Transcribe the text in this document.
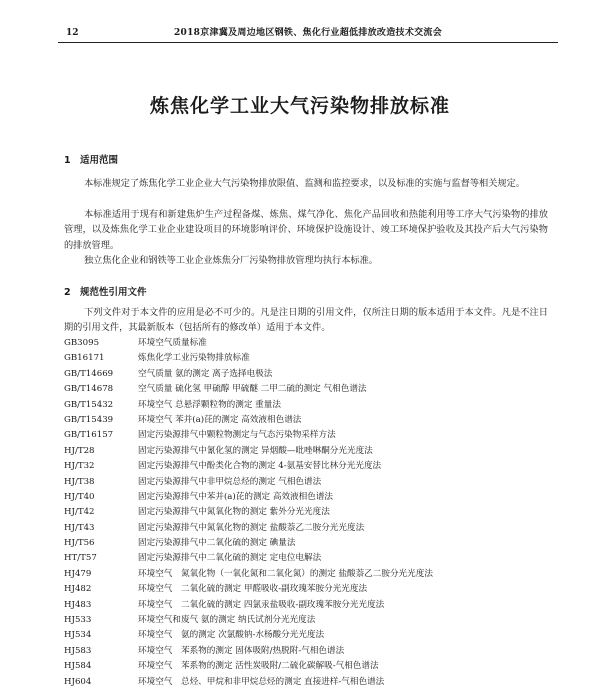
12	2018京津冀及周边地区钢铁、焦化行业超低排放改造技术交流会
炼焦化学工业大气污染物排放标准
1 适用范围

本标准规定了炼焦化学工业企业大气污染物排放限值、监测和监控要求，以及标准的实施与监督等相关规定。

本标准适用于现有和新建焦炉生产过程备煤、炼焦、煤气净化、焦化产品回收和热能利用等工序大气污染物的排放管理，以及炼焦化学工业企业建设项目的环境影响评价、环境保护设施设计、竣工环境保护验收及其投产后大气污染物的排放管理。

独立焦化企业和钢铁等工业企业炼焦分厂污染物排放管理均执行本标准。

2 规范性引用文件

下列文件对于本文件的应用是必不可少的。凡是注日期的引用文件，仅所注日期的版本适用于本文件。凡是不注日期的引用文件，其最新版本（包括所有的修改单）适用于本文件。

GB3095	环境空气质量标准
GB16171	炼焦化学工业污染物排放标准
GB/T14669	空气质量 氨的测定 离子选择电极法
GB/T14678	空气质量 硫化氢 甲硫醇 甲硫醚 二甲二硫的测定 气相色谱法
GB/T15432	环境空气 总悬浮颗粒物的测定 重量法
GB/T15439	环境空气 苯并(a)芘的测定 高效液相色谱法
GB/T16157	固定污染源排气中颗粒物测定与气态污染物采样方法
HJ/T28	固定污染源排气中氰化氢的测定 异烟酸—吡唑啉酮分光光度法
HJ/T32	固定污染源排气中酚类化合物的测定 4-氨基安替比林分光光度法
HJ/T38	固定污染源排气中非甲烷总烃的测定 气相色谱法
HJ/T40	固定污染源排气中苯并(a)芘的测定 高效液相色谱法
HJ/T42	固定污染源排气中氮氧化物的测定 紫外分光光度法
HJ/T43	固定污染源排气中氮氧化物的测定 盐酸萘乙二胺分光光度法
HJ/T56	固定污染源排气中二氧化硫的测定 碘量法
HT/T57	固定污染源排气中二氧化硫的测定 定电位电解法
HJ479	环境空气　氮氧化物（一氧化氮和二氧化氮）的测定 盐酸萘乙二胺分光光度法
HJ482	环境空气　二氧化硫的测定 甲醛吸收-副玫瑰苯胺分光光度法
HJ483	环境空气　二氧化硫的测定 四氯汞盐吸收-副玫瑰苯胺分光光度法
HJ533	环境空气和废气 氨的测定 纳氏试剂分光光度法
HJ534	环境空气　氨的测定 次氯酸钠-水杨酸分光光度法
HJ583	环境空气　苯系物的测定 固体吸附/热脱附-气相色谱法
HJ584	环境空气　苯系物的测定 活性炭吸附/二硫化碳解吸-气相色谱法
HJ604	环境空气　总烃、甲烷和非甲烷总烃的测定 直接进样-气相色谱法
